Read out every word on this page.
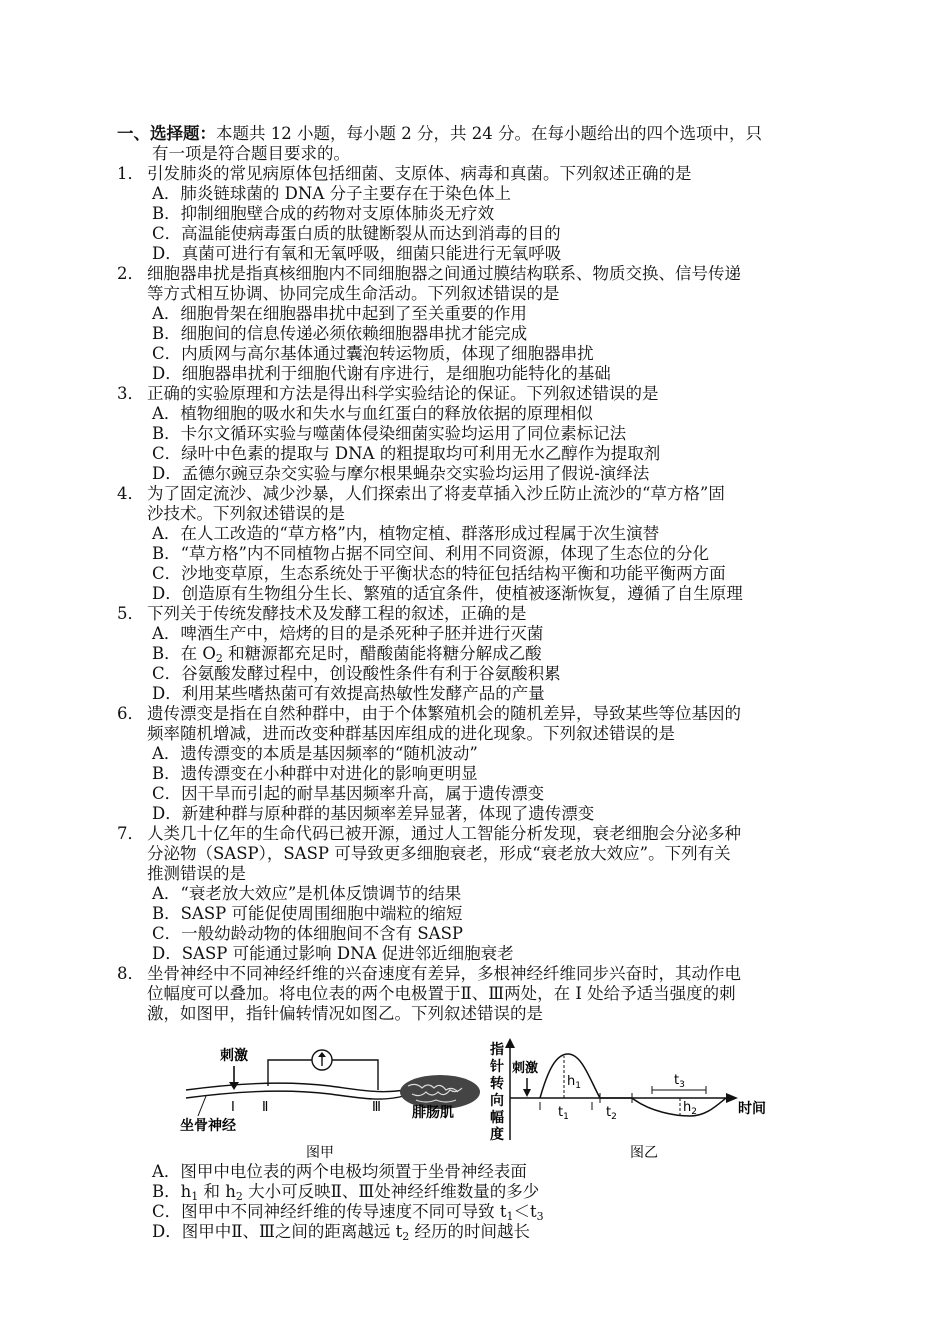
一、选择题：本题共 12 小题，每小题 2 分，共 24 分。在每小题给出的四个选项中，只
有一项是符合题目要求的。
1． 引发肺炎的常见病原体包括细菌、支原体、病毒和真菌。下列叙述正确的是
A．肺炎链球菌的 DNA 分子主要存在于染色体上
B．抑制细胞壁合成的药物对支原体肺炎无疗效
C．高温能使病毒蛋白质的肽键断裂从而达到消毒的目的
D．真菌可进行有氧和无氧呼吸，细菌只能进行无氧呼吸
2． 细胞器串扰是指真核细胞内不同细胞器之间通过膜结构联系、物质交换、信号传递
等方式相互协调、协同完成生命活动。下列叙述错误的是
A．细胞骨架在细胞器串扰中起到了至关重要的作用
B．细胞间的信息传递必须依赖细胞器串扰才能完成
C．内质网与高尔基体通过囊泡转运物质，体现了细胞器串扰
D．细胞器串扰利于细胞代谢有序进行，是细胞功能特化的基础
3． 正确的实验原理和方法是得出科学实验结论的保证。下列叙述错误的是
A．植物细胞的吸水和失水与血红蛋白的释放依据的原理相似
B．卡尔文循环实验与噬菌体侵染细菌实验均运用了同位素标记法
C．绿叶中色素的提取与 DNA 的粗提取均可利用无水乙醇作为提取剂
D．孟德尔豌豆杂交实验与摩尔根果蝇杂交实验均运用了假说-演绎法
4． 为了固定流沙、减少沙暴，人们探索出了将麦草插入沙丘防止流沙的“草方格”固
沙技术。下列叙述错误的是
A．在人工改造的“草方格”内，植物定植、群落形成过程属于次生演替
B．“草方格”内不同植物占据不同空间、利用不同资源，体现了生态位的分化
C．沙地变草原，生态系统处于平衡状态的特征包括结构平衡和功能平衡两方面
D．创造原有生物组分生长、繁殖的适宜条件，使植被逐渐恢复，遵循了自生原理
5． 下列关于传统发酵技术及发酵工程的叙述，正确的是
A．啤酒生产中，焙烤的目的是杀死种子胚并进行灭菌
B．在 $O_2$ 和糖源都充足时，醋酸菌能将糖分解成乙酸
C．谷氨酸发酵过程中，创设酸性条件有利于谷氨酸积累
D．利用某些嗜热菌可有效提高热敏性发酵产品的产量
6． 遗传漂变是指在自然种群中，由于个体繁殖机会的随机差异，导致某些等位基因的
频率随机增减，进而改变种群基因库组成的进化现象。下列叙述错误的是
A．遗传漂变的本质是基因频率的“随机波动”
B．遗传漂变在小种群中对进化的影响更明显
C．因干旱而引起的耐旱基因频率升高，属于遗传漂变
D．新建种群与原种群的基因频率差异显著，体现了遗传漂变
7． 人类几十亿年的生命代码已被开源，通过人工智能分析发现，衰老细胞会分泌多种
分泌物（SASP），SASP 可导致更多细胞衰老，形成“衰老放大效应”。下列有关
推测错误的是
A．“衰老放大效应”是机体反馈调节的结果
B．SASP 可能促使周围细胞中端粒的缩短
C．一般幼龄动物的体细胞间不含有 SASP
D．SASP 可能通过影响 DNA 促进邻近细胞衰老
8． 坐骨神经中不同神经纤维的兴奋速度有差异，多根神经纤维同步兴奋时，其动作电
位幅度可以叠加。将电位表的两个电极置于Ⅱ、Ⅲ两处，在 I 处给予适当强度的刺
激，如图甲，指针偏转情况如图乙。下列叙述错误的是
刺激
I Ⅱ	Ⅲ 腓肠肌
坐骨神经
图甲
指
针
转
向
幅
度
刺激
$h_1$
$h_2$
$t_1$	$t_2$
$t_3$
时间
图乙
A．图甲中电位表的两个电极均须置于坐骨神经表面
B．$h_1$ 和 $h_2$ 大小可反映Ⅱ、Ⅲ处神经纤维数量的多少
C．图甲中不同神经纤维的传导速度不同可导致 $t_1<t_3$
D．图甲中Ⅱ、Ⅲ之间的距离越远 $t_2$ 经历的时间越长
